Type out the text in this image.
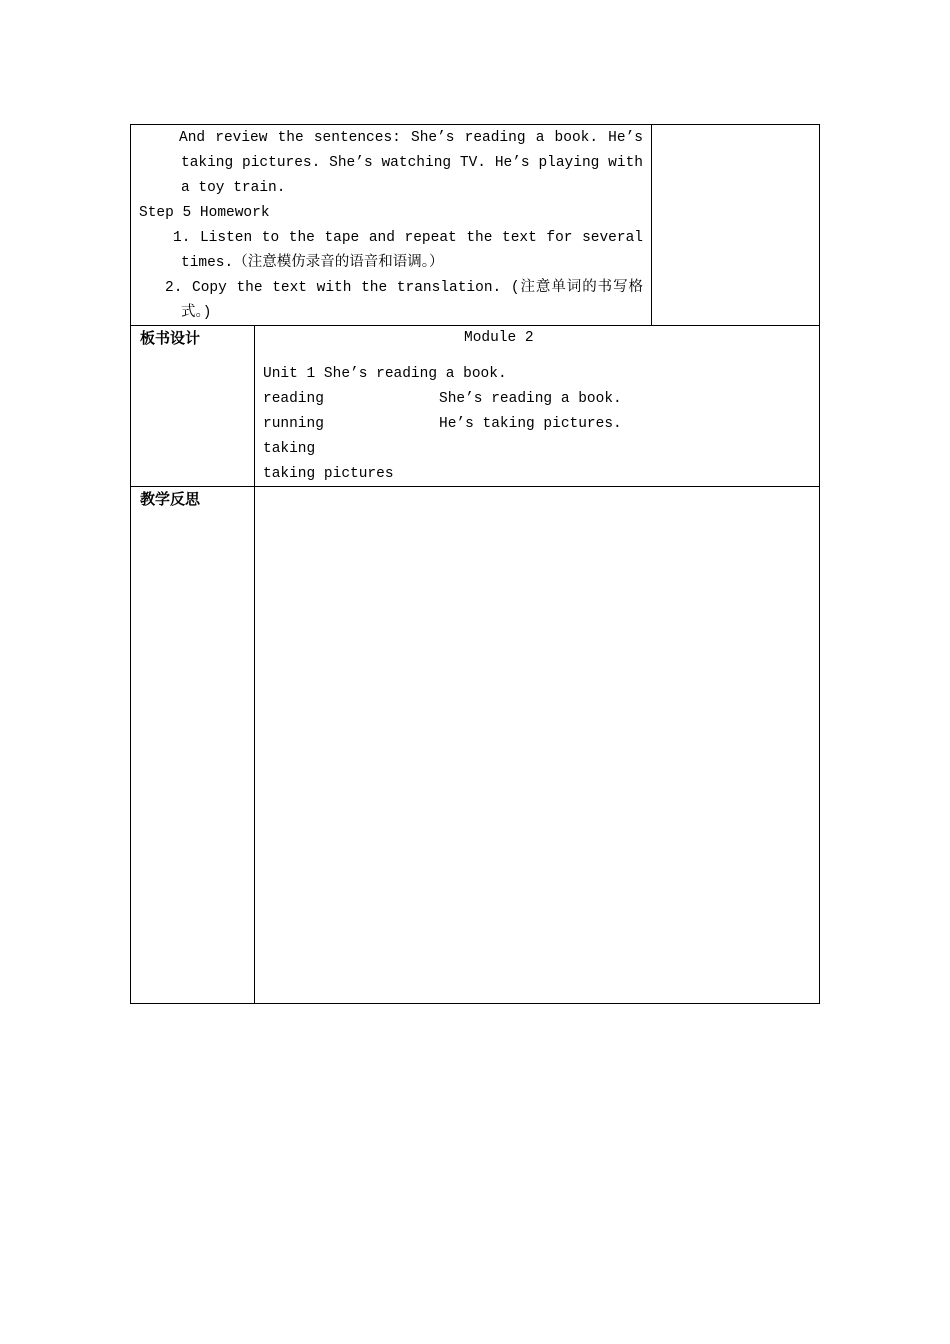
And review the sentences: She’s reading a book. He’s
taking pictures. She’s watching TV. He’s playing with
a toy train.
Step 5 Homework
1. Listen to the tape and repeat the text for several
times.（注意模仿录音的语音和语调。）
2. Copy the text with the translation. (注意单词的书写格
式。)
板书设计	Module 2
Unit 1 She’s reading a book.
reading	She’s reading a book.
running	He’s taking pictures.
taking
taking pictures
教学反思
